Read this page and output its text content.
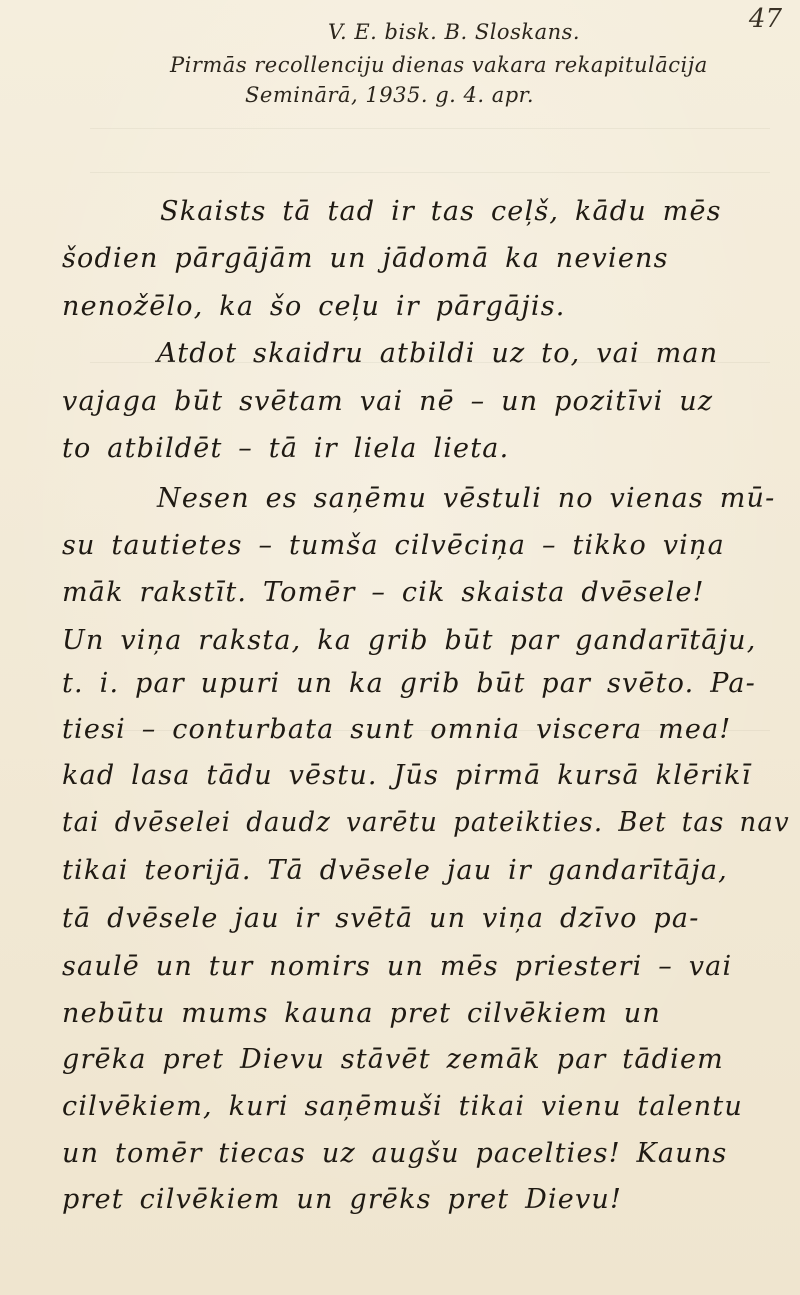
47
V. E. bisk. B. Sloskans.
Pirmās recollenciju dienas vakara rekapitulācija
Seminārā, 1935. g. 4. apr.
Skaists tā tad ir tas ceļš, kādu mēs
šodien pārgājām un jādomā ka neviens
nenožēlo, ka šo ceļu ir pārgājis.
Atdot skaidru atbildi uz to, vai man
vajaga būt svētam vai nē – un pozitīvi uz
to atbildēt – tā ir liela lieta.
Nesen es saņēmu vēstuli no vienas mū-
su tautietes – tumša cilvēciņa – tikko viņa
māk rakstīt. Tomēr – cik skaista dvēsele!
Un viņa raksta, ka grib būt par gandarītāju,
t. i. par upuri un ka grib būt par svēto. Pa-
tiesi – conturbata sunt omnia viscera mea!
kad lasa tādu vēstu. Jūs pirmā kursā klērikī
tai dvēselei daudz varētu pateikties. Bet tas nav
tikai teorijā. Tā dvēsele jau ir gandarītāja,
tā dvēsele jau ir svētā un viņa dzīvo pa-
saulē un tur nomirs un mēs priesteri – vai
nebūtu mums kauna pret cilvēkiem un
grēka pret Dievu stāvēt zemāk par tādiem
cilvēkiem, kuri saņēmuši tikai vienu talentu
un tomēr tiecas uz augšu pacelties! Kauns
pret cilvēkiem un grēks pret Dievu!
